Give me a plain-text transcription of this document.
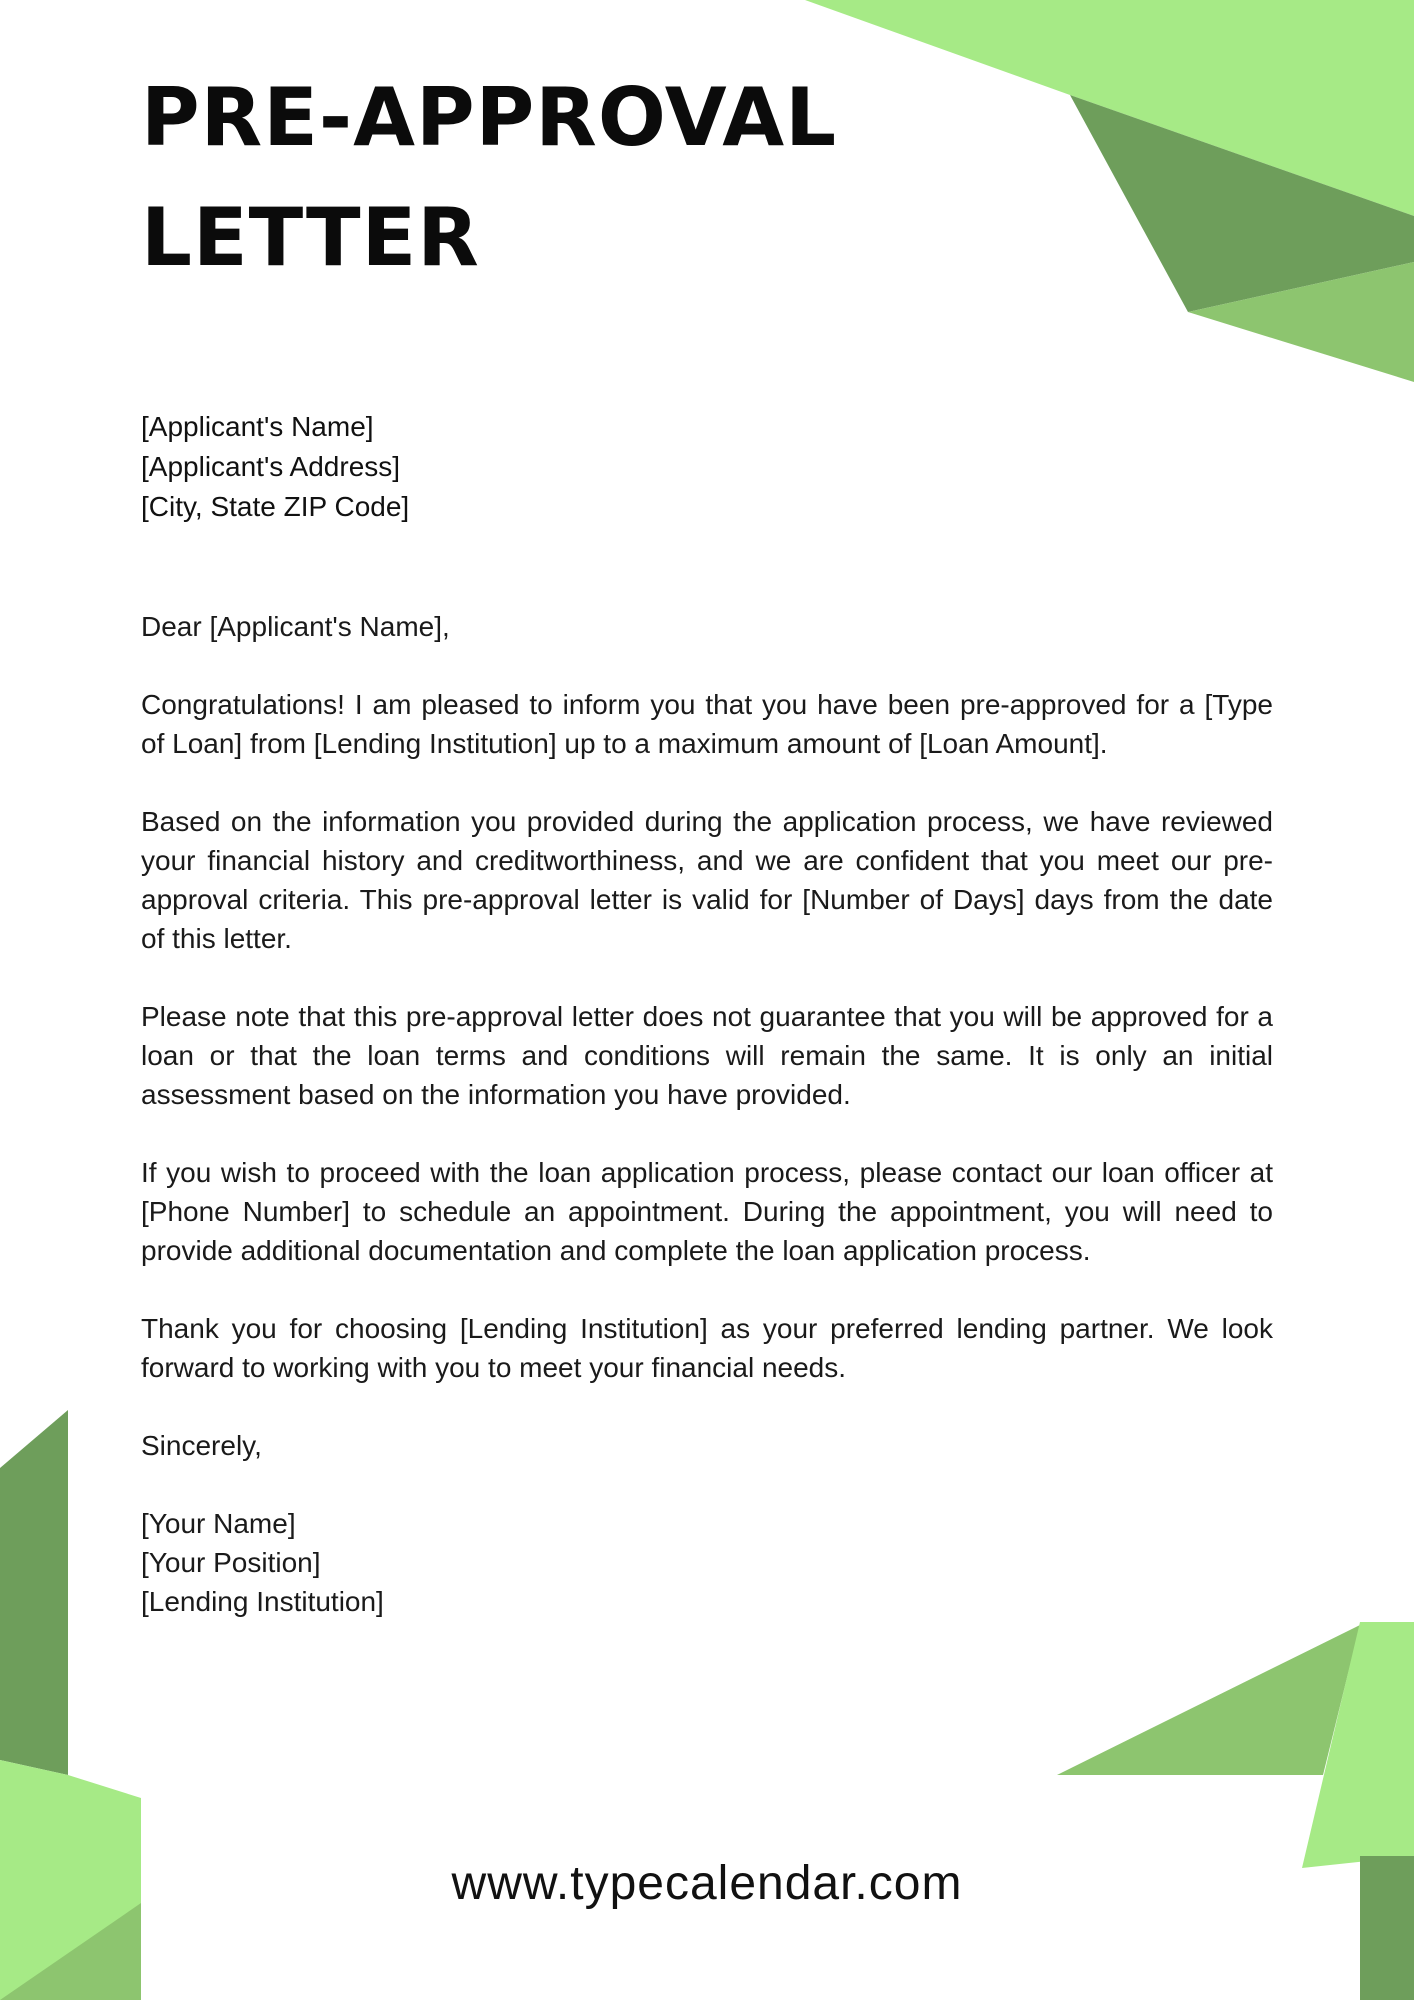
PRE-APPROVAL
LETTER
[Applicant's Name]
[Applicant's Address]
[City, State ZIP Code]

Dear [Applicant's Name],

Congratulations! I am pleased to inform you that you have been pre-approved for a [Type of Loan] from [Lending Institution] up to a maximum amount of [Loan Amount].

Based on the information you provided during the application process, we have reviewed your financial history and creditworthiness, and we are confident that you meet our pre-approval criteria. This pre-approval letter is valid for [Number of Days] days from the date of this letter.

Please note that this pre-approval letter does not guarantee that you will be approved for a loan or that the loan terms and conditions will remain the same. It is only an initial assessment based on the information you have provided.

If you wish to proceed with the loan application process, please contact our loan officer at [Phone Number] to schedule an appointment. During the appointment, you will need to provide additional documentation and complete the loan application process.

Thank you for choosing [Lending Institution] as your preferred lending partner. We look forward to working with you to meet your financial needs.

Sincerely,

[Your Name]
[Your Position]
[Lending Institution]
www.typecalendar.com
